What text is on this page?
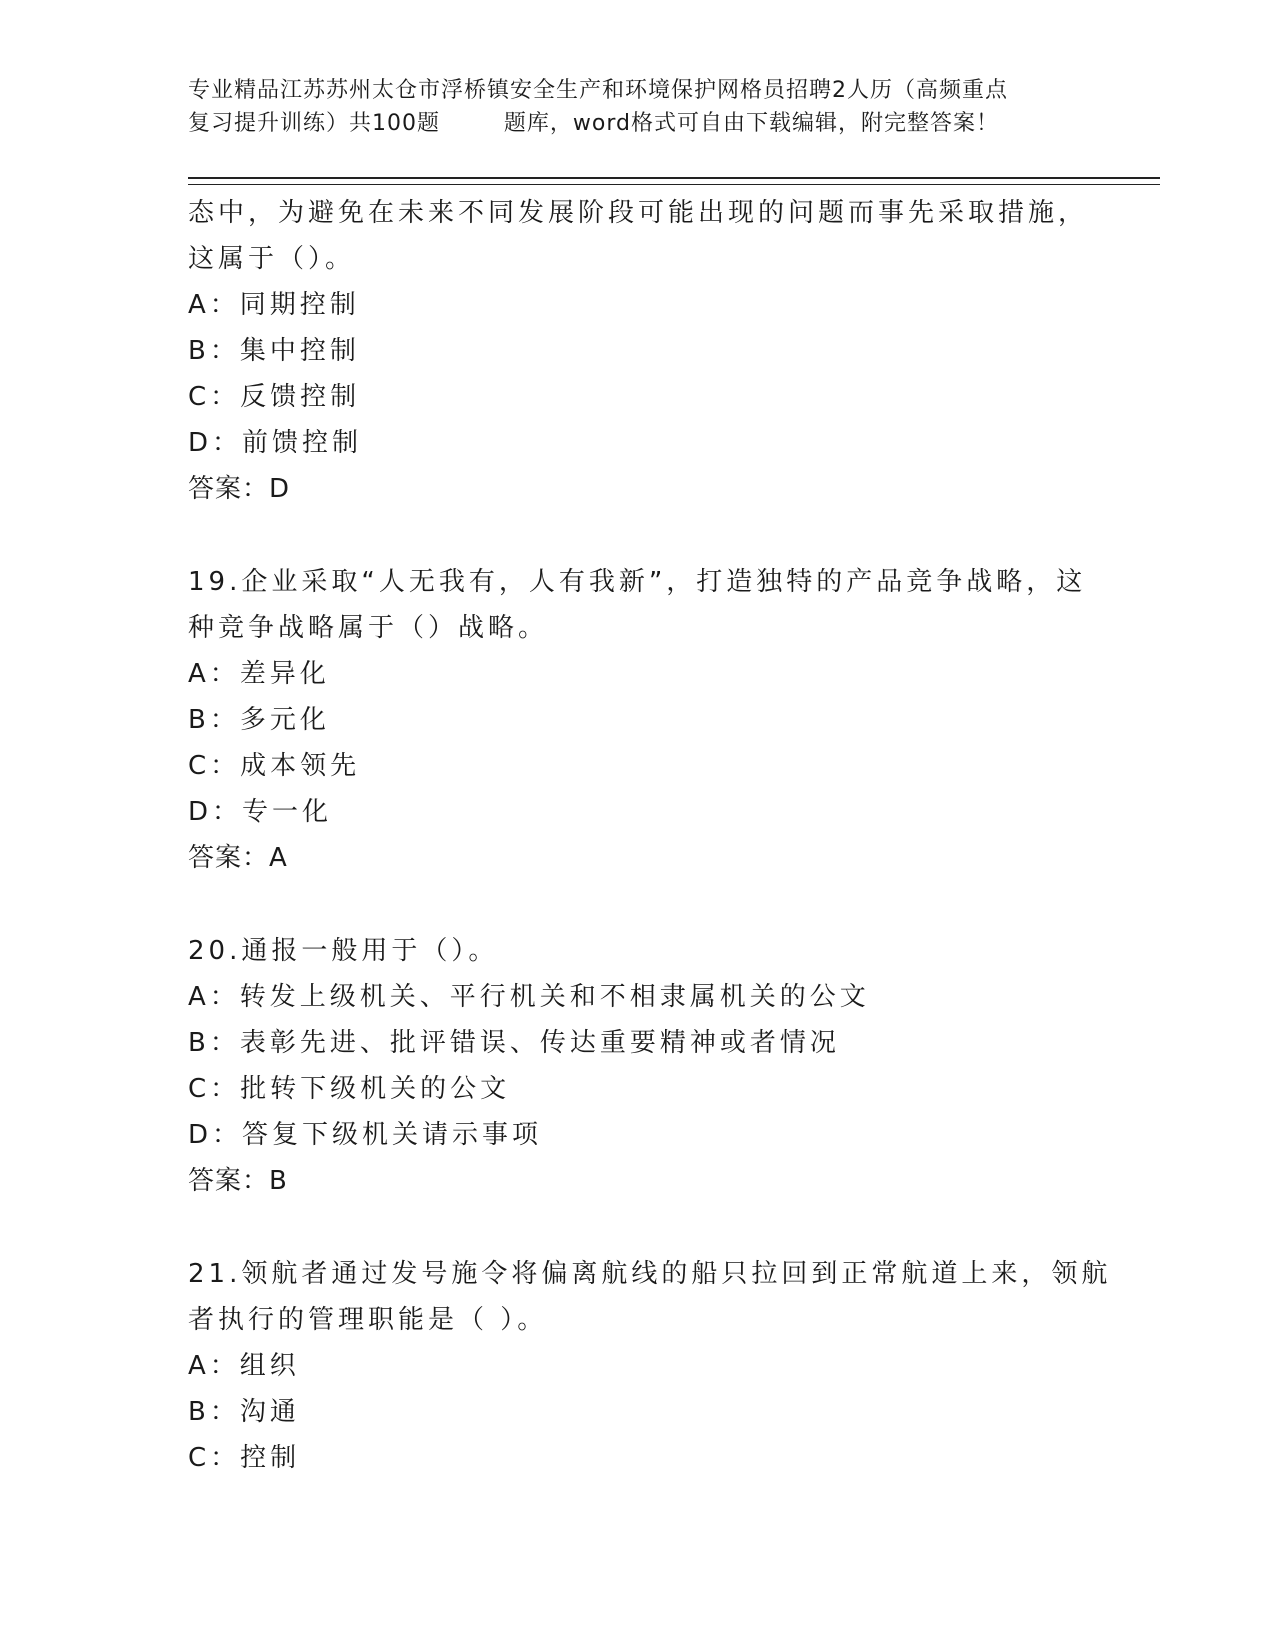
专业精品江苏苏州太仓市浮桥镇安全生产和环境保护网格员招聘2人历（高频重点
复习提升训练）共100题        题库，word格式可自由下载编辑，附完整答案！
态中，为避免在未来不同发展阶段可能出现的问题而事先采取措施，
这属于（）。
A：同期控制
B：集中控制
C：反馈控制
D：前馈控制
答案：D
19.企业采取“人无我有，人有我新”，打造独特的产品竞争战略，这
种竞争战略属于（）战略。
A：差异化
B：多元化
C：成本领先
D：专一化
答案：A
20.通报一般用于（）。
A：转发上级机关、平行机关和不相隶属机关的公文
B：表彰先进、批评错误、传达重要精神或者情况
C：批转下级机关的公文
D：答复下级机关请示事项
答案：B
21.领航者通过发号施令将偏离航线的船只拉回到正常航道上来，领航
者执行的管理职能是（ ）。
A：组织
B：沟通
C：控制
